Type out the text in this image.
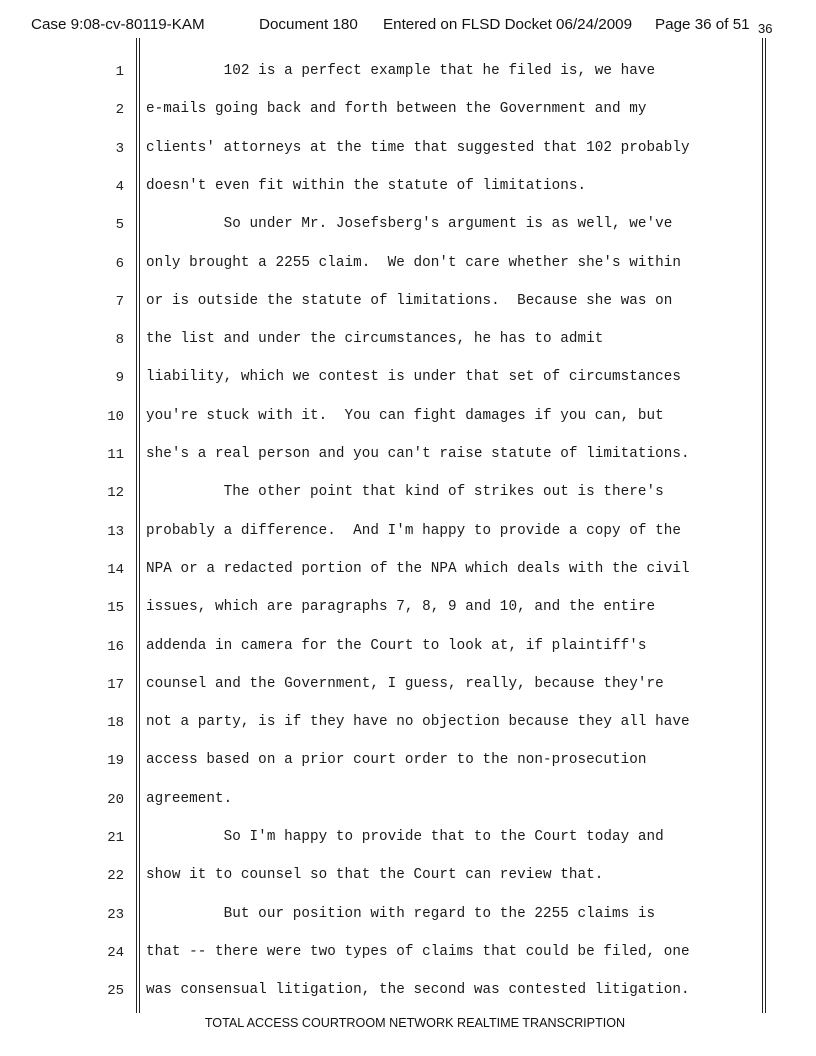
Case 9:08-cv-80119-KAM	Document 180 Entered on FLSD Docket 06/24/2009 Page 36 of 51 36
1 102 is a perfect example that he filed is, we have
2 e-mails going back and forth between the Government and my
3 clients' attorneys at the time that suggested that 102 probably
4 doesn't even fit within the statute of limitations.
5 So under Mr. Josefsberg's argument is as well, we've
6 only brought a 2255 claim.  We don't care whether she's within
7 or is outside the statute of limitations.  Because she was on
8 the list and under the circumstances, he has to admit
9 liability, which we contest is under that set of circumstances
10 you're stuck with it.  You can fight damages if you can, but
11 she's a real person and you can't raise statute of limitations.
12 The other point that kind of strikes out is there's
13 probably a difference.  And I'm happy to provide a copy of the
14 NPA or a redacted portion of the NPA which deals with the civil
15 issues, which are paragraphs 7, 8, 9 and 10, and the entire
16 addenda in camera for the Court to look at, if plaintiff's
17 counsel and the Government, I guess, really, because they're
18 not a party, is if they have no objection because they all have
19 access based on a prior court order to the non-prosecution
20 agreement.
21 So I'm happy to provide that to the Court today and
22 show it to counsel so that the Court can review that.
23 But our position with regard to the 2255 claims is
24 that -- there were two types of claims that could be filed, one
25 was consensual litigation, the second was contested litigation.
TOTAL ACCESS COURTROOM NETWORK REALTIME TRANSCRIPTION
